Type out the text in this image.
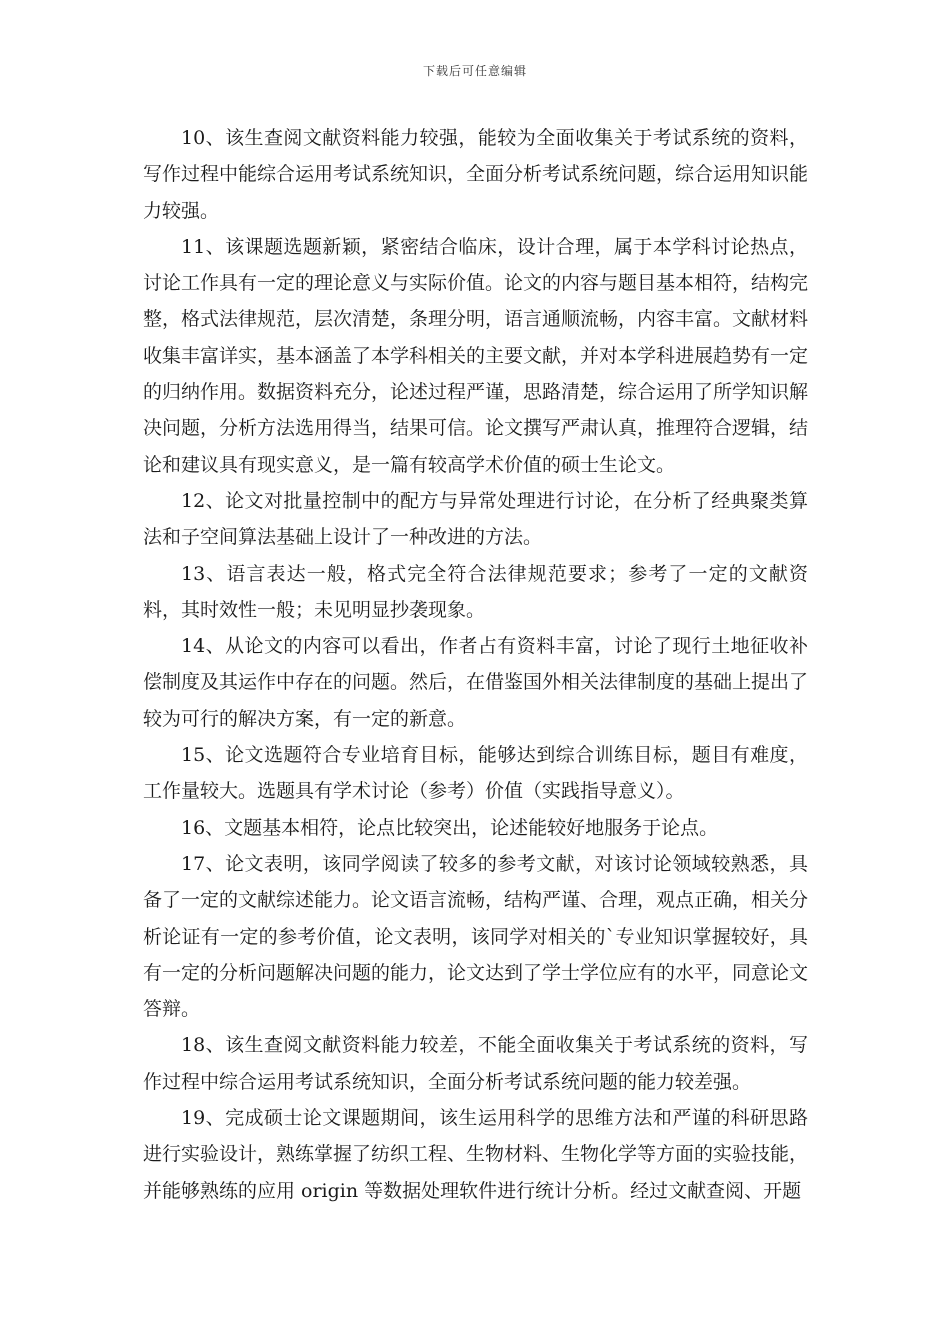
下载后可任意编辑

10、该生查阅文献资料能力较强，能较为全面收集关于考试系统的资料，写作过程中能综合运用考试系统知识，全面分析考试系统问题，综合运用知识能力较强。

11、该课题选题新颖，紧密结合临床，设计合理，属于本学科讨论热点，讨论工作具有一定的理论意义与实际价值。论文的内容与题目基本相符，结构完整，格式法律规范，层次清楚，条理分明，语言通顺流畅，内容丰富。文献材料收集丰富详实，基本涵盖了本学科相关的主要文献，并对本学科进展趋势有一定的归纳作用。数据资料充分，论述过程严谨，思路清楚，综合运用了所学知识解决问题，分析方法选用得当，结果可信。论文撰写严肃认真，推理符合逻辑，结论和建议具有现实意义，是一篇有较高学术价值的硕士生论文。

12、论文对批量控制中的配方与异常处理进行讨论，在分析了经典聚类算法和子空间算法基础上设计了一种改进的方法。

13、语言表达一般，格式完全符合法律规范要求；参考了一定的文献资料，其时效性一般；未见明显抄袭现象。

14、从论文的内容可以看出，作者占有资料丰富，讨论了现行土地征收补偿制度及其运作中存在的问题。然后，在借鉴国外相关法律制度的基础上提出了较为可行的解决方案，有一定的新意。

15、论文选题符合专业培育目标，能够达到综合训练目标，题目有难度，工作量较大。选题具有学术讨论（参考）价值（实践指导意义）。

16、文题基本相符，论点比较突出，论述能较好地服务于论点。

17、论文表明，该同学阅读了较多的参考文献，对该讨论领域较熟悉，具备了一定的文献综述能力。论文语言流畅，结构严谨、合理，观点正确，相关分析论证有一定的参考价值，论文表明，该同学对相关的`专业知识掌握较好，具有一定的分析问题解决问题的能力，论文达到了学士学位应有的水平，同意论文答辩。

18、该生查阅文献资料能力较差，不能全面收集关于考试系统的资料，写作过程中综合运用考试系统知识，全面分析考试系统问题的能力较差强。

19、完成硕士论文课题期间，该生运用科学的思维方法和严谨的科研思路进行实验设计，熟练掌握了纺织工程、生物材料、生物化学等方面的实验技能，并能够熟练的应用 origin 等数据处理软件进行统计分析。经过文献查阅、开题
